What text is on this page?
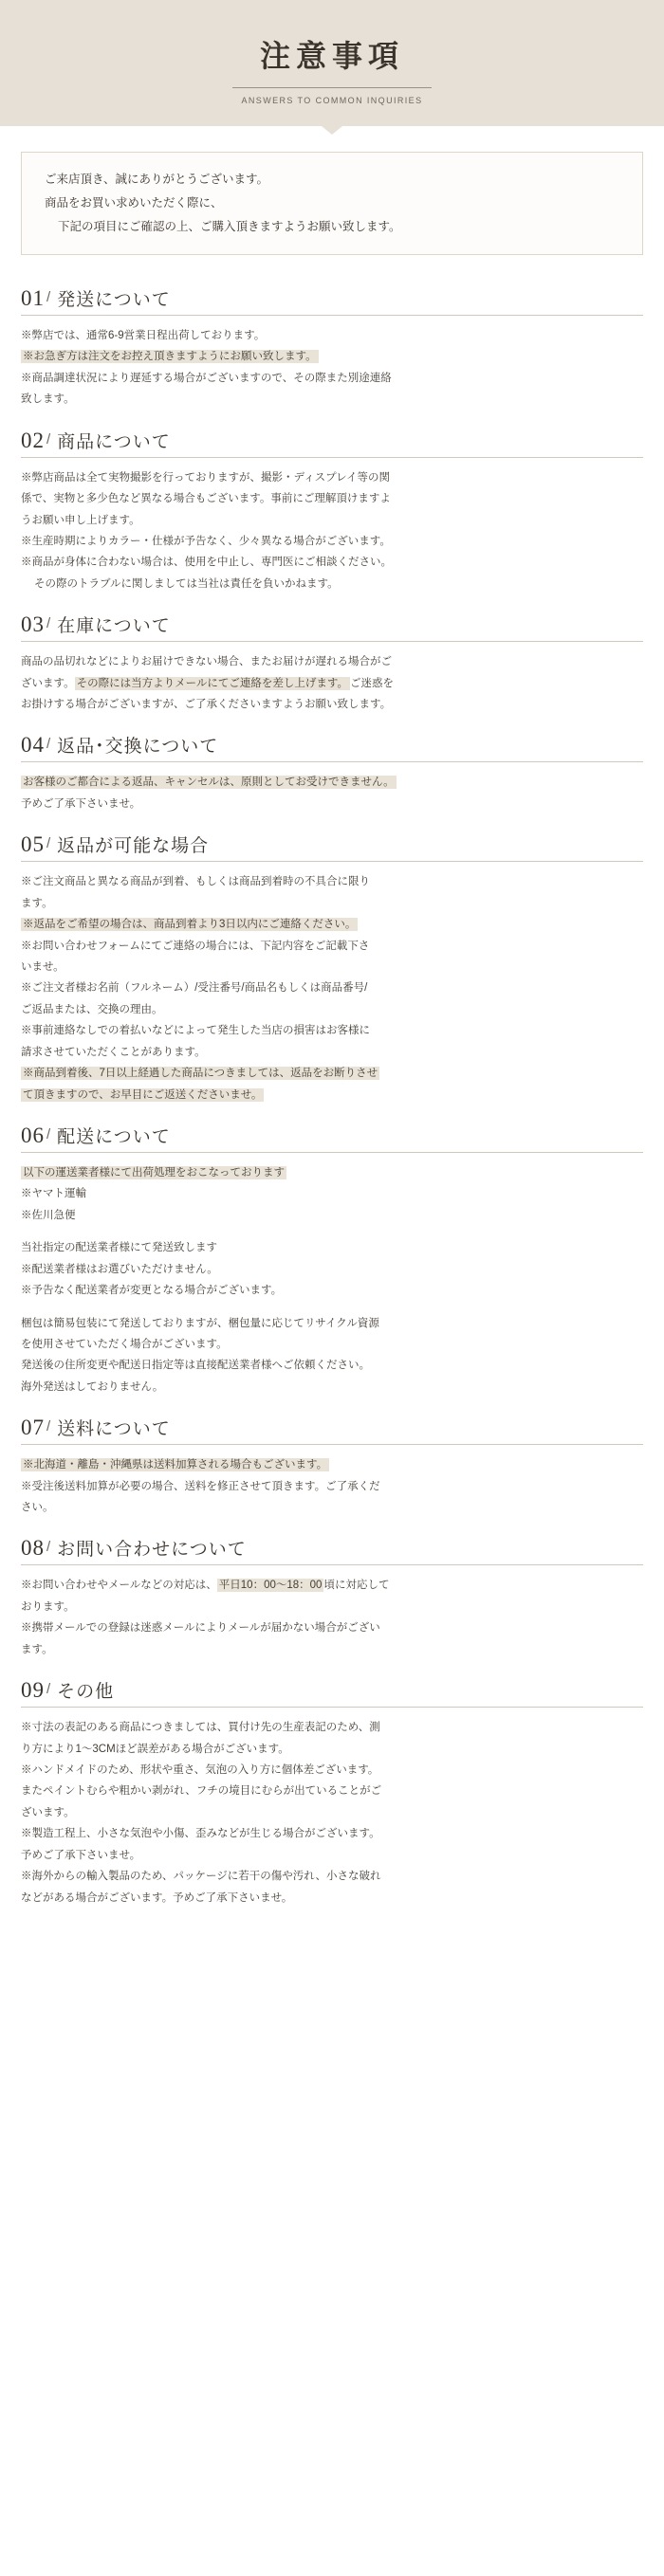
注意事項
ANSWERS TO COMMON INQUIRIES
ご来店頂き、誠にありがとうございます。
商品をお買い求めいただく際に、
下記の項目にご確認の上、ご購入頂きますようお願い致します。
01 / 発送について
※弊店では、通常6-9営業日程出荷しております。
※お急ぎ方は注文をお控え頂きますようにお願い致します。
※商品調達状況により遅延する場合がございますので、その際また別途連絡
致します。
02 / 商品について
※弊店商品は全て実物撮影を行っておりますが、撮影・ディスプレイ等の関
係で、実物と多少色など異なる場合もございます。事前にご理解頂けますよ
うお願い申し上げます。
※生産時期によりカラー・仕様が予告なく、少々異なる場合がございます。
※商品が身体に合わない場合は、使用を中止し、専門医にご相談ください。
その際のトラブルに関しましては当社は責任を負いかねます。
03 / 在庫について
商品の品切れなどによりお届けできない場合、またお届けが遅れる場合がご
ざいます。 その際には当方よりメールにてご連絡を差し上げます。 ご迷惑を
お掛けする場合がございますが、ご了承くださいますようお願い致します。
04 / 返品･交換について
お客様のご都合による返品、キャンセルは、原則としてお受けできません。
予めご了承下さいませ。
05 / 返品が可能な場合
※ご注文商品と異なる商品が到着、もしくは商品到着時の不具合に限り
ます。
※返品をご希望の場合は、商品到着より3日以内にご連絡ください。
※お問い合わせフォームにてご連絡の場合には、下記内容をご記載下さ
いませ。
※ご注文者様お名前（フルネーム）/受注番号/商品名もしくは商品番号/
ご返品または、交換の理由。
※事前連絡なしでの着払いなどによって発生した当店の損害はお客様に
請求させていただくことがあります。
※商品到着後、7日以上経過した商品につきましては、返品をお断りさせ
て頂きますので、お早目にご返送くださいませ。
06 / 配送について
以下の運送業者様にて出荷処理をおこなっております
※ヤマト運輸
※佐川急便
当社指定の配送業者様にて発送致します
※配送業者様はお選びいただけません。
※予告なく配送業者が変更となる場合がございます。
梱包は簡易包装にて発送しておりますが、梱包量に応じてリサイクル資源
を使用させていただく場合がございます。
発送後の住所変更や配送日指定等は直接配送業者様へご依頼ください。
海外発送はしておりません。
07 / 送料について
※北海道・離島・沖縄県は送料加算される場合もございます。
※受注後送料加算が必要の場合、送料を修正させて頂きます。ご了承くだ
さい。
08 / お問い合わせについて
※お問い合わせやメールなどの対応は、 平日10：00～18：00 頃に対応して
おります。
※携帯メールでの登録は迷惑メールによりメールが届かない場合がござい
ます。
09 / その他
※寸法の表記のある商品につきましては、買付け先の生産表記のため、測
り方により1～3CMほど誤差がある場合がございます。
※ハンドメイドのため、形状や重さ、気泡の入り方に個体差ございます。
またペイントむらや粗かい剥がれ、フチの境目にむらが出ていることがご
ざいます。
※製造工程上、小さな気泡や小傷、歪みなどが生じる場合がございます。
予めご了承下さいませ。
※海外からの輸入製品のため、パッケージに若干の傷や汚れ、小さな破れ
などがある場合がございます。予めご了承下さいませ。
